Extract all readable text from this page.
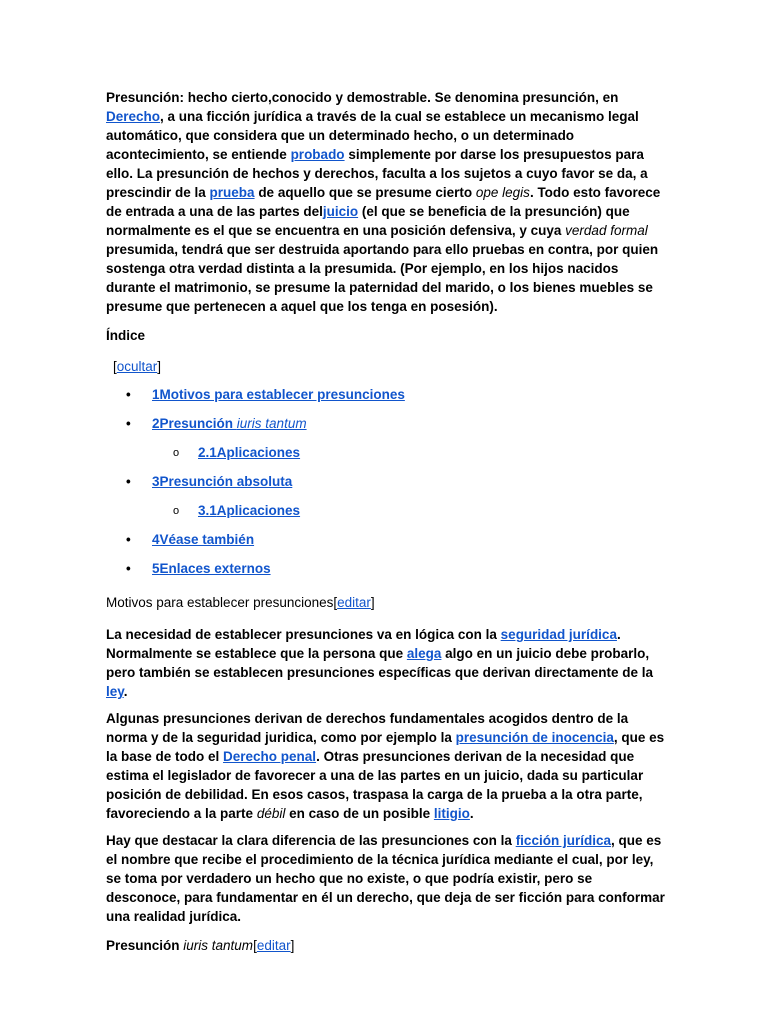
Presunción: hecho cierto,conocido y demostrable. Se denomina presunción, en Derecho, a una ficción jurídica a través de la cual se establece un mecanismo legal automático, que considera que un determinado hecho, o un determinado acontecimiento, se entiende probado simplemente por darse los presupuestos para ello. La presunción de hechos y derechos, faculta a los sujetos a cuyo favor se da, a prescindir de la prueba de aquello que se presume cierto ope legis. Todo esto favorece de entrada a una de las partes deljuicio (el que se beneficia de la presunción) que normalmente es el que se encuentra en una posición defensiva, y cuya verdad formal presumida, tendrá que ser destruida aportando para ello pruebas en contra, por quien sostenga otra verdad distinta a la presumida. (Por ejemplo, en los hijos nacidos durante el matrimonio, se presume la paternidad del marido, o los bienes muebles se presume que pertenecen a aquel que los tenga en posesión).

Índice

[ocultar]

• 1Motivos para establecer presunciones
• 2Presunción iuris tantum
o 2.1Aplicaciones
• 3Presunción absoluta
o 3.1Aplicaciones
• 4Véase también
• 5Enlaces externos

Motivos para establecer presunciones[editar]

La necesidad de establecer presunciones va en lógica con la seguridad jurídica. Normalmente se establece que la persona que alega algo en un juicio debe probarlo, pero también se establecen presunciones específicas que derivan directamente de la ley.

Algunas presunciones derivan de derechos fundamentales acogidos dentro de la norma y de la seguridad juridica, como por ejemplo la presunción de inocencia, que es la base de todo el Derecho penal. Otras presunciones derivan de la necesidad que estima el legislador de favorecer a una de las partes en un juicio, dada su particular posición de debilidad. En esos casos, traspasa la carga de la prueba a la otra parte, favoreciendo a la parte débil en caso de un posible litigio.

Hay que destacar la clara diferencia de las presunciones con la ficción jurídica, que es el nombre que recibe el procedimiento de la técnica jurídica mediante el cual, por ley, se toma por verdadero un hecho que no existe, o que podría existir, pero se desconoce, para fundamentar en él un derecho, que deja de ser ficción para conformar una realidad jurídica.

Presunción iuris tantum[editar]
